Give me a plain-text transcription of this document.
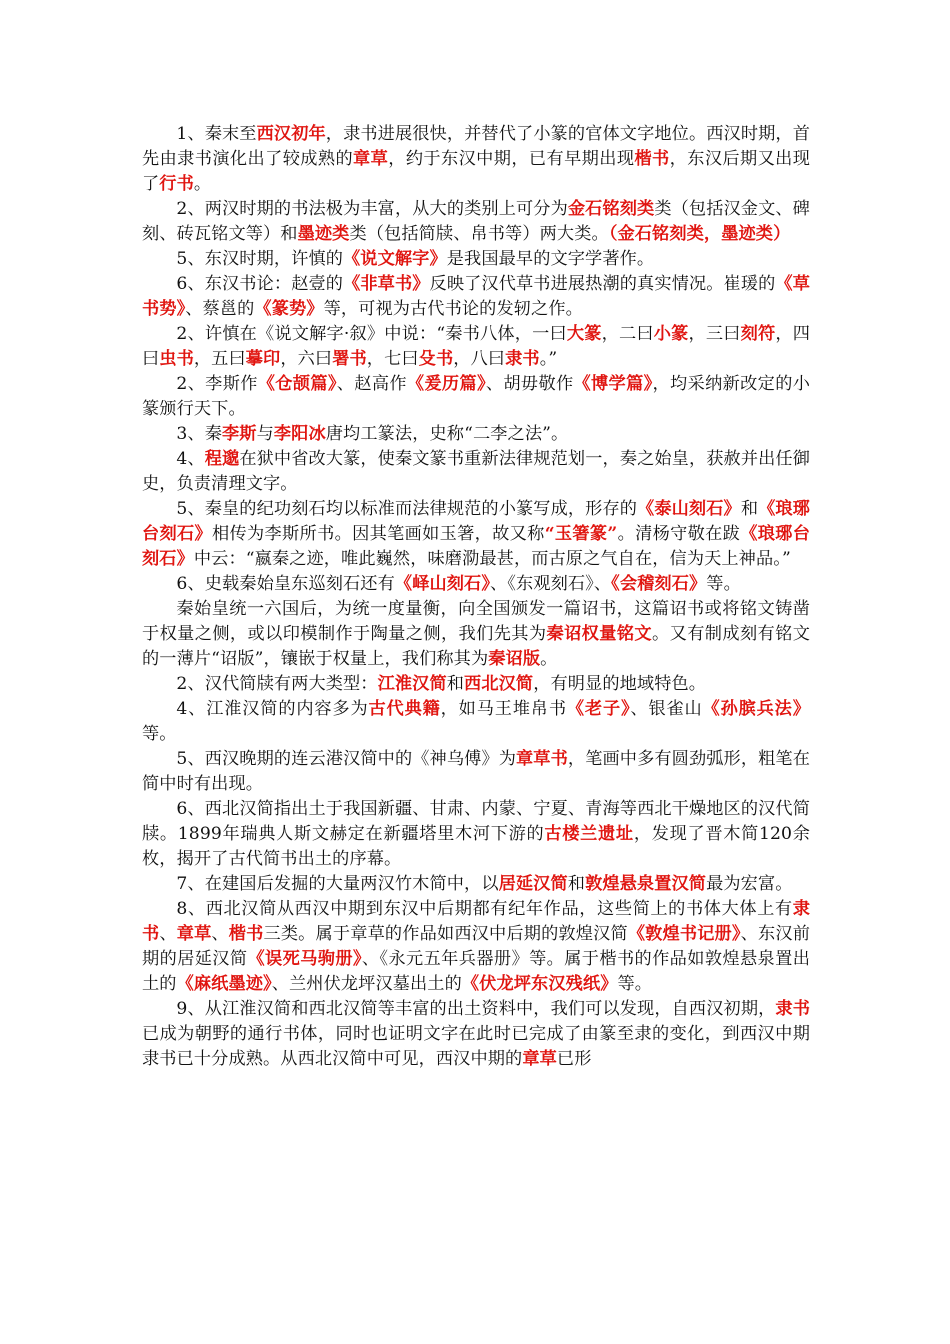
1、秦末至西汉初年，隶书进展很快，并替代了小篆的官体文字地位。西汉时期，首先由隶书演化出了较成熟的章草，约于东汉中期，已有早期出现楷书，东汉后期又出现了行书。

2、两汉时期的书法极为丰富，从大的类别上可分为金石铭刻类类（包括汉金文、碑刻、砖瓦铭文等）和墨迹类类（包括简牍、帛书等）两大类。（金石铭刻类，墨迹类）

5、东汉时期，许慎的《说文解字》是我国最早的文字学著作。

6、东汉书论：赵壹的《非草书》反映了汉代草书进展热潮的真实情况。崔瑗的《草书势》、蔡邕的《篆势》等，可视为古代书论的发轫之作。

2、许慎在《说文解字·叙》中说：“秦书八体，一曰大篆，二曰小篆，三曰刻符，四曰虫书，五曰摹印，六曰署书，七曰殳书，八曰隶书。”

2、李斯作《仓颉篇》、赵高作《爰历篇》、胡毋敬作《博学篇》，均采纳新改定的小篆颁行天下。

3、秦李斯与李阳冰唐均工篆法，史称“二李之法”。

4、程邈在狱中省改大篆，使秦文篆书重新法律规范划一，奏之始皇，获赦并出任御史，负责清理文字。

5、秦皇的纪功刻石均以标准而法律规范的小篆写成，形存的《泰山刻石》和《琅琊台刻石》相传为李斯所书。因其笔画如玉箸，故又称“玉箸篆”。清杨守敬在跋《琅琊台刻石》中云：“嬴秦之迹，唯此巍然，味磨泐最甚，而古原之气自在，信为天上神品。”

6、史载秦始皇东巡刻石还有《峄山刻石》、《东观刻石》、《会稽刻石》等。

秦始皇统一六国后，为统一度量衡，向全国颁发一篇诏书，这篇诏书或将铭文铸凿于权量之侧，或以印模制作于陶量之侧，我们先其为秦诏权量铭文。又有制成刻有铭文的一薄片“诏版”，镶嵌于权量上，我们称其为秦诏版。

2、汉代简牍有两大类型：江淮汉简和西北汉简，有明显的地域特色。

4、江淮汉简的内容多为古代典籍，如马王堆帛书《老子》、银雀山《孙膑兵法》等。

5、西汉晚期的连云港汉简中的《神乌傅》为章草书，笔画中多有圆劲弧形，粗笔在简中时有出现。

6、西北汉简指出土于我国新疆、甘肃、内蒙、宁夏、青海等西北干燥地区的汉代简牍。1899年瑞典人斯文赫定在新疆塔里木河下游的古楼兰遗址，发现了晋木简120余枚，揭开了古代简书出土的序幕。

7、在建国后发掘的大量两汉竹木简中，以居延汉简和敦煌悬泉置汉简最为宏富。

8、西北汉简从西汉中期到东汉中后期都有纪年作品，这些简上的书体大体上有隶书、章草、楷书三类。属于章草的作品如西汉中后期的敦煌汉简《敦煌书记册》、东汉前期的居延汉简《误死马驹册》、《永元五年兵器册》等。属于楷书的作品如敦煌悬泉置出土的《麻纸墨迹》、兰州伏龙坪汉墓出土的《伏龙坪东汉残纸》等。

9、从江淮汉简和西北汉简等丰富的出土资料中，我们可以发现，自西汉初期，隶书已成为朝野的通行书体，同时也证明文字在此时已完成了由篆至隶的变化，到西汉中期隶书已十分成熟。从西北汉简中可见，西汉中期的章草已形
